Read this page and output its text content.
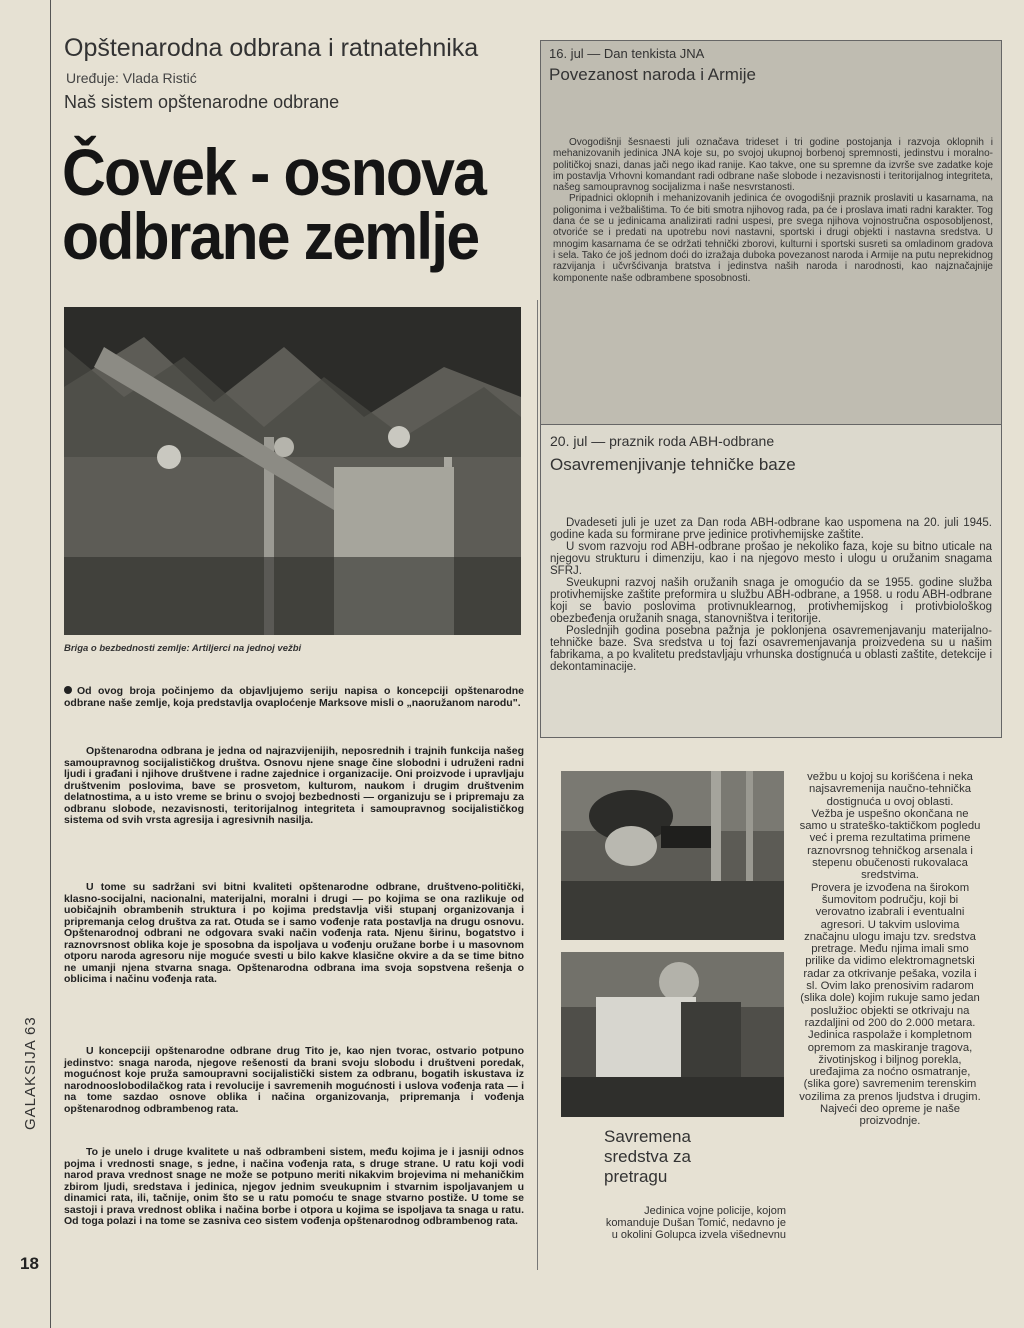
GALAKSIJA 63
18
Opštenarodna odbrana i ratnatehnika
Uređuje: Vlada Ristić
Naš sistem opštenarodne odbrane
Čovek - osnova
odbrane zemlje
Briga o bezbednosti zemlje: Artiljerci na jednoj vežbi

Od ovog broja počinjemo da objavljujemo seriju napisa o koncepciji opštenarodne odbrane naše zemlje, koja predstavlja ovaploćenje Marksove misli o „naoružanom narodu".

Opštenarodna odbrana je jedna od najrazvijenijih, neposrednih i trajnih funkcija našeg samoupravnog socijalističkog društva. Osnovu njene snage čine slobodni i udruženi radni ljudi i građani i njihove društvene i radne zajednice i organizacije. Oni proizvode i upravljaju društvenim poslovima, bave se prosvetom, kulturom, naukom i drugim društvenim delatnostima, a u isto vreme se brinu o svojoj bezbednosti — organizuju se i pripremaju za odbranu slobode, nezavisnosti, teritorijalnog integriteta i samoupravnog socijalističkog sistema od svih vrsta agresija i agresivnih nasilja.

U tome su sadržani svi bitni kvaliteti opštenarodne odbrane, društveno-politički, klasno-socijalni, nacionalni, materijalni, moralni i drugi — po kojima se ona razlikuje od uobičajnih obrambenih struktura i po kojima predstavlja viši stupanj organizovanja i pripremanja celog društva za rat. Otuda se i samo vođenje rata postavlja na drugu osnovu. Opštenarodnoj odbrani ne odgovara svaki način vođenja rata. Njenu širinu, bogatstvo i raznovrsnost oblika koje je sposobna da ispoljava u vođenju oružane borbe i u masovnom otporu naroda agresoru nije moguće svesti u bilo kakve klasične okvire a da se time bitno ne umanji njena stvarna snaga. Opštenarodna odbrana ima svoja sopstvena rešenja o oblicima i načinu vođenja rata.

U koncepciji opštenarodne odbrane drug Tito je, kao njen tvorac, ostvario potpuno jedinstvo: snaga naroda, njegove rešenosti da brani svoju slobodu i društveni poredak, mogućnost koje pruža samoupravni socijalistički sistem za odbranu, bogatih iskustava iz narodnooslobodilačkog rata i revolucije i savremenih mogućnosti i uslova vođenja rata — i na tome sazdao osnove oblika i načina organizovanja, pripremanja i vođenja opštenarodnog odbrambenog rata.

To je unelo i druge kvalitete u naš odbrambeni sistem, među kojima je i jasniji odnos pojma i vrednosti snage, s jedne, i načina vođenja rata, s druge strane. U ratu koji vodi narod prava vrednost snage ne može se potpuno meriti nikakvim brojevima ni mehaničkim zbirom ljudi, sredstava i jedinica, njegov jednim sveukupnim i stvarnim ispoljavanjem u dinamici rata, ili, tačnije, onim što se u ratu pomoću te snage stvarno postiže. U tome se sastoji i prava vrednost oblika i načina borbe i otpora u kojima se ispoljava ta snaga u ratu. Od toga polazi i na tome se zasniva ceo sistem vođenja opštenarodnog odbrambenog rata.

16. jul — Dan tenkista JNA
Povezanost naroda i Armije

Ovogodišnji šesnaesti juli označava trideset i tri godine postojanja i razvoja oklopnih i mehanizovanih jedinica JNA koje su, po svojoj ukupnoj borbenoj spremnosti, jedinstvu i moralno-političkoj snazi, danas jači nego ikad ranije. Kao takve, one su spremne da izvrše sve zadatke koje im postavlja Vrhovni komandant radi odbrane naše slobode i nezavisnosti i teritorijalnog integriteta, našeg samoupravnog socijalizma i naše nesvrstanosti.

Pripadnici oklopnih i mehanizovanih jedinica će ovogodišnji praznik proslaviti u kasarnama, na poligonima i vežbalištima. To će biti smotra njihovog rada, pa će i proslava imati radni karakter. Tog dana će se u jedinicama analizirati radni uspesi, pre svega njihova vojnostručna osposobljenost, otvoriće se i predati na upotrebu novi nastavni, sportski i drugi objekti i nastavna sredstva. U mnogim kasarnama će se održati tehnički zborovi, kulturni i sportski susreti sa omladinom gradova i sela. Tako će još jednom doći do izražaja duboka povezanost naroda i Armije na putu neprekidnog razvijanja i učvršćivanja bratstva i jedinstva naših naroda i narodnosti, kao najznačajnije komponente naše odbrambene sposobnosti.

20. jul — praznik roda ABH-odbrane
Osavremenjivanje tehničke baze

Dvadeseti juli je uzet za Dan roda ABH-odbrane kao uspomena na 20. juli 1945. godine kada su formirane prve jedinice protivhemijske zaštite.

U svom razvoju rod ABH-odbrane prošao je nekoliko faza, koje su bitno uticale na njegovu strukturu i dimenziju, kao i na njegovo mesto i ulogu u oružanim snagama SFRJ.

Sveukupni razvoj naših oružanih snaga je omogućio da se 1955. godine služba protivhemijske zaštite preformira u službu ABH-odbrane, a 1958. u rodu ABH-odbrane koji se bavio poslovima protivnuklearnog, protivhemijskog i protivbiološkog obezbeđenja oružanih snaga, stanovništva i teritorije.

Poslednjih godina posebna pažnja je poklonjena osavremenjavanju materijalno-tehničke baze. Sva sredstva u toj fazi osavremenjavanja proizvedena su u našim fabrikama, a po kvalitetu predstavljaju vrhunska dostignuća u oblasti zaštite, detekcije i dekontaminacije.

Savremena
sredstva za
pretragu
Jedinica vojne policije, kojom komanduje Dušan Tomić, nedavno je u okolini Golupca izvela višednevnu

vežbu u kojoj su korišćena i neka najsavremenija naučno-tehnička dostignuća u ovoj oblasti.

Vežba je uspešno okončana ne samo u strateško-taktičkom pogledu već i prema rezultatima primene raznovrsnog tehničkog arsenala i stepenu obučenosti rukovalaca sredstvima.

Provera je izvođena na širokom šumovitom području, koji bi verovatno izabrali i eventualni agresori. U takvim uslovima značajnu ulogu imaju tzv. sredstva pretrage. Među njima imali smo prilike da vidimo elektromagnetski radar za otkrivanje pešaka, vozila i sl. Ovim lako prenosivim radarom (slika dole) kojim rukuje samo jedan poslužioc objekti se otkrivaju na razdaljini od 200 do 2.000 metara. Jedinica raspolaže i kompletnom opremom za maskiranje tragova, životinjskog i biljnog porekla, uređajima za noćno osmatranje, (slika gore) savremenim terenskim vozilima za prenos ljudstva i drugim. Najveći deo opreme je naše proizvodnje.
